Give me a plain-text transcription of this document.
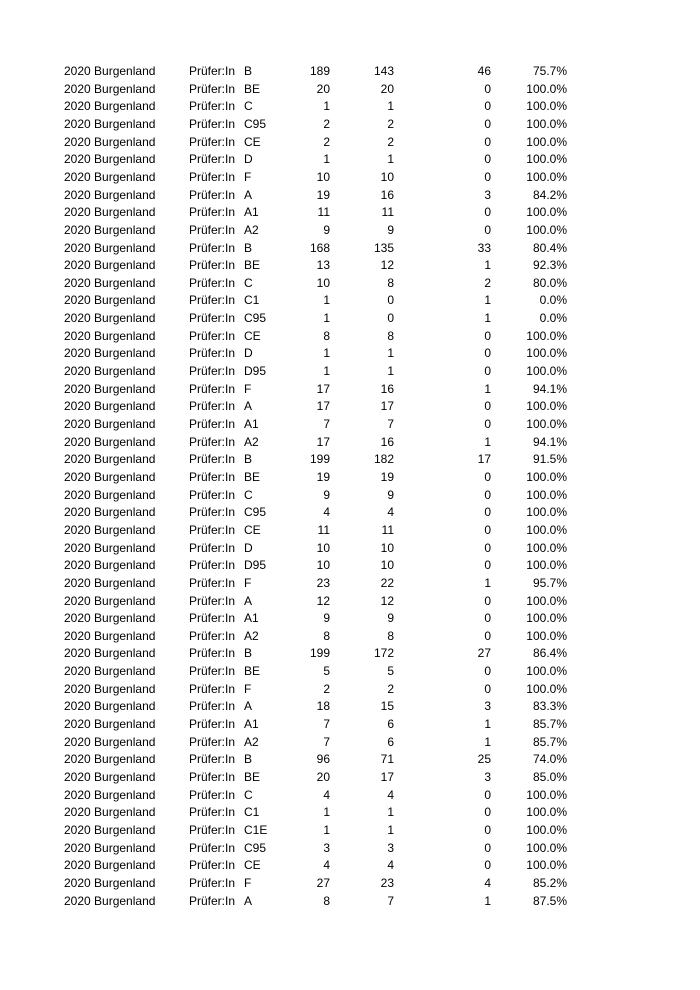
2020 Burgenland	Prüfer:In B	189	143	46	75.7%
2020 Burgenland	Prüfer:In BE	20	20	0	100.0%
2020 Burgenland	Prüfer:In C	1	1	0	100.0%
2020 Burgenland	Prüfer:In C95	2	2	0	100.0%
2020 Burgenland	Prüfer:In CE	2	2	0	100.0%
2020 Burgenland	Prüfer:In D	1	1	0	100.0%
2020 Burgenland	Prüfer:In F	10	10	0	100.0%
2020 Burgenland	Prüfer:In A	19	16	3	84.2%
2020 Burgenland	Prüfer:In A1	11	11	0	100.0%
2020 Burgenland	Prüfer:In A2	9	9	0	100.0%
2020 Burgenland	Prüfer:In B	168	135	33	80.4%
2020 Burgenland	Prüfer:In BE	13	12	1	92.3%
2020 Burgenland	Prüfer:In C	10	8	2	80.0%
2020 Burgenland	Prüfer:In C1	1	0	1	0.0%
2020 Burgenland	Prüfer:In C95	1	0	1	0.0%
2020 Burgenland	Prüfer:In CE	8	8	0	100.0%
2020 Burgenland	Prüfer:In D	1	1	0	100.0%
2020 Burgenland	Prüfer:In D95	1	1	0	100.0%
2020 Burgenland	Prüfer:In F	17	16	1	94.1%
2020 Burgenland	Prüfer:In A	17	17	0	100.0%
2020 Burgenland	Prüfer:In A1	7	7	0	100.0%
2020 Burgenland	Prüfer:In A2	17	16	1	94.1%
2020 Burgenland	Prüfer:In B	199	182	17	91.5%
2020 Burgenland	Prüfer:In BE	19	19	0	100.0%
2020 Burgenland	Prüfer:In C	9	9	0	100.0%
2020 Burgenland	Prüfer:In C95	4	4	0	100.0%
2020 Burgenland	Prüfer:In CE	11	11	0	100.0%
2020 Burgenland	Prüfer:In D	10	10	0	100.0%
2020 Burgenland	Prüfer:In D95	10	10	0	100.0%
2020 Burgenland	Prüfer:In F	23	22	1	95.7%
2020 Burgenland	Prüfer:In A	12	12	0	100.0%
2020 Burgenland	Prüfer:In A1	9	9	0	100.0%
2020 Burgenland	Prüfer:In A2	8	8	0	100.0%
2020 Burgenland	Prüfer:In B	199	172	27	86.4%
2020 Burgenland	Prüfer:In BE	5	5	0	100.0%
2020 Burgenland	Prüfer:In F	2	2	0	100.0%
2020 Burgenland	Prüfer:In A	18	15	3	83.3%
2020 Burgenland	Prüfer:In A1	7	6	1	85.7%
2020 Burgenland	Prüfer:In A2	7	6	1	85.7%
2020 Burgenland	Prüfer:In B	96	71	25	74.0%
2020 Burgenland	Prüfer:In BE	20	17	3	85.0%
2020 Burgenland	Prüfer:In C	4	4	0	100.0%
2020 Burgenland	Prüfer:In C1	1	1	0	100.0%
2020 Burgenland	Prüfer:In C1E	1	1	0	100.0%
2020 Burgenland	Prüfer:In C95	3	3	0	100.0%
2020 Burgenland	Prüfer:In CE	4	4	0	100.0%
2020 Burgenland	Prüfer:In F	27	23	4	85.2%
2020 Burgenland	Prüfer:In A	8	7	1	87.5%
